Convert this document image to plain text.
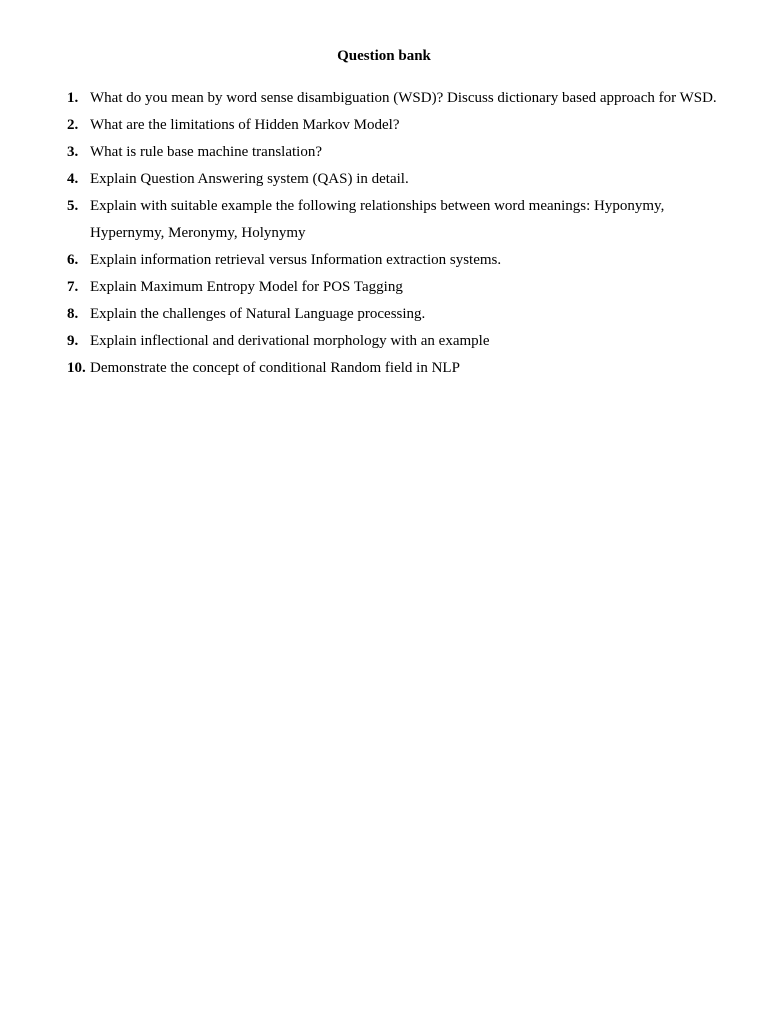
Question bank
1. What do you mean by word sense disambiguation (WSD)? Discuss dictionary based approach for WSD.
2. What are the limitations of Hidden Markov Model?
3. What is rule base machine translation?
4. Explain Question Answering system (QAS) in detail.
5. Explain with suitable example the following relationships between word meanings: Hyponymy, Hypernymy, Meronymy, Holynymy
6. Explain information retrieval versus Information extraction systems.
7. Explain Maximum Entropy Model for POS Tagging
8. Explain the challenges of Natural Language processing.
9. Explain inflectional and derivational morphology with an example
10. Demonstrate the concept of conditional Random field in NLP
